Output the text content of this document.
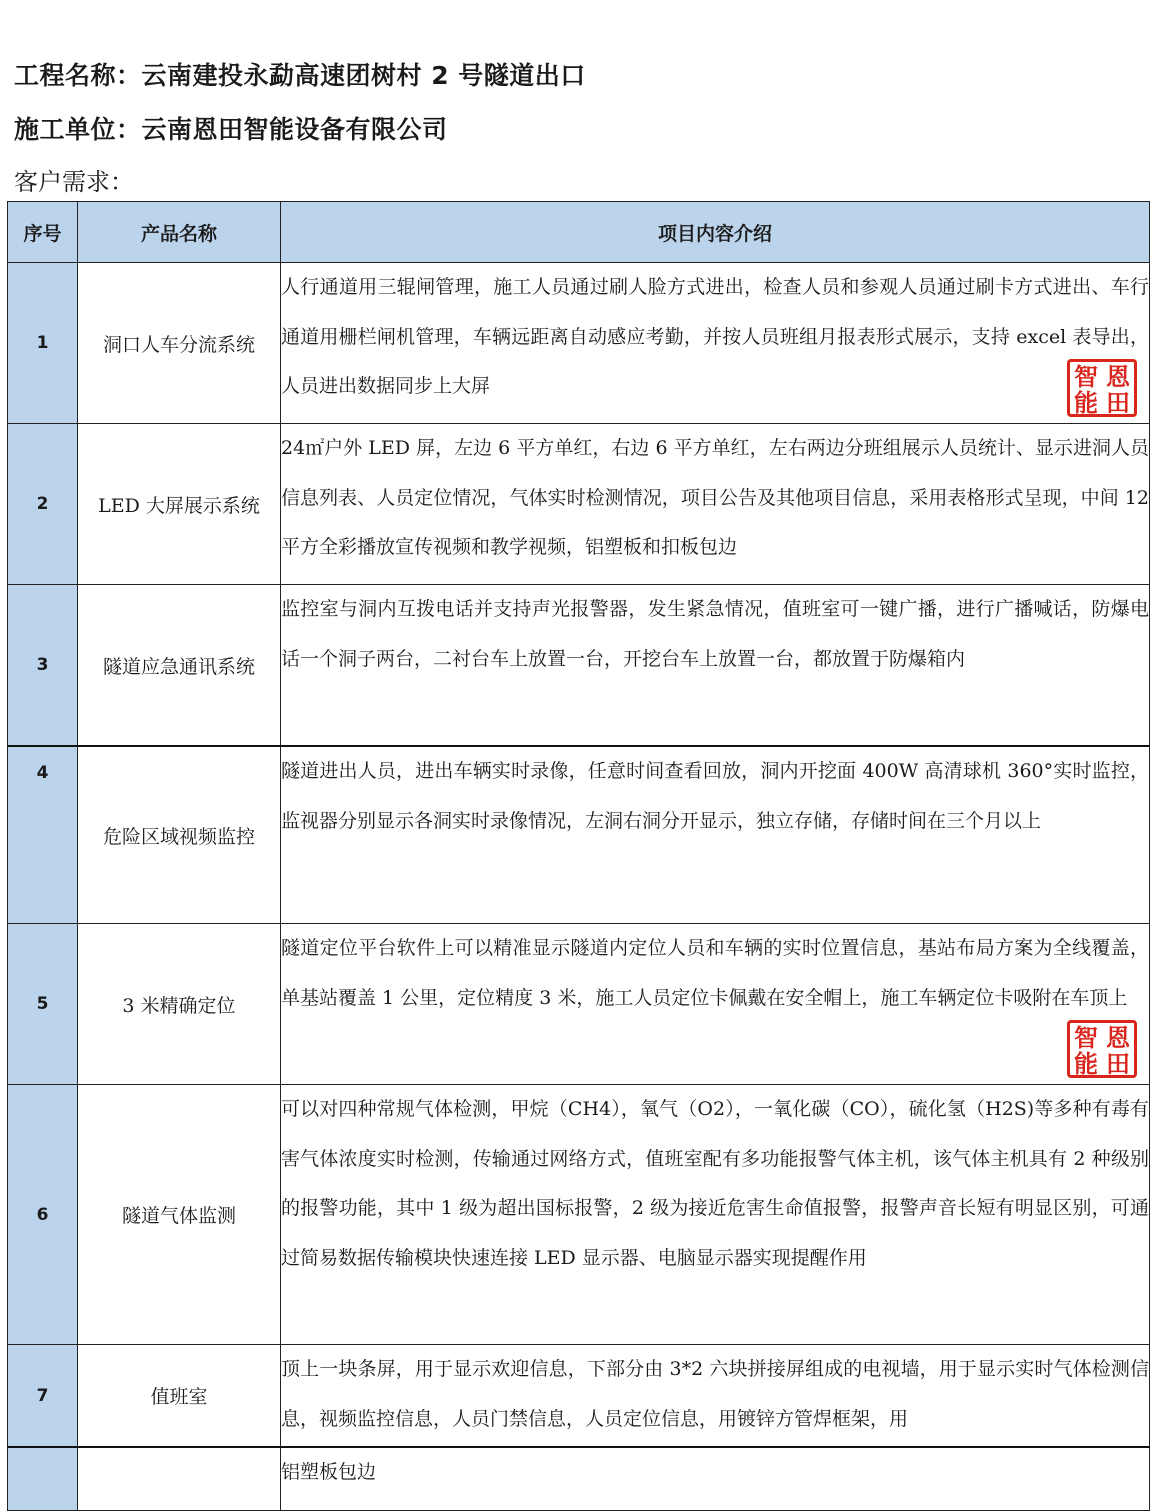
工程名称：云南建投永勐高速团树村 2 号隧道出口
施工单位：云南恩田智能设备有限公司
客户需求：
序号	产品名称	项目内容介绍
1	洞口人车分流系统	人行通道用三辊闸管理，施工人员通过刷人脸方式进出，检查人员和参观人员通过刷卡方式进出、车行通道用栅栏闸机管理，车辆远距离自动感应考勤，并按人员班组月报表形式展示，支持 excel 表导出，人员进出数据同步上大屏 智 恩
能 田

2	LED 大屏展示系统	24㎡户外 LED 屏，左边 6 平方单红，右边 6 平方单红，左右两边分班组展示人员统计、显示进洞人员信息列表、人员定位情况，气体实时检测情况，项目公告及其他项目信息，采用表格形式呈现，中间 12 平方全彩播放宣传视频和教学视频，铝塑板和扣板包边
3	隧道应急通讯系统	监控室与洞内互拨电话并支持声光报警器，发生紧急情况，值班室可一键广播，进行广播喊话，防爆电话一个洞子两台，二衬台车上放置一台，开挖台车上放置一台，都放置于防爆箱内
4	危险区域视频监控	隧道进出人员，进出车辆实时录像，任意时间查看回放，洞内开挖面 400W 高清球机 360°实时监控，监视器分别显示各洞实时录像情况，左洞右洞分开显示，独立存储，存储时间在三个月以上
5	3 米精确定位	隧道定位平台软件上可以精准显示隧道内定位人员和车辆的实时位置信息，基站布局方案为全线覆盖，单基站覆盖 1 公里，定位精度 3 米，施工人员定位卡佩戴在安全帽上，施工车辆定位卡吸附在车顶上
智 恩
能 田

6	隧道气体监测	可以对四种常规气体检测，甲烷（CH4），氧气（O2），一氧化碳（CO），硫化氢（H2S)等多种有毒有害气体浓度实时检测，传输通过网络方式，值班室配有多功能报警气体主机，该气体主机具有 2 种级别的报警功能，其中 1 级为超出国标报警，2 级为接近危害生命值报警，报警声音长短有明显区别，可通过简易数据传输模块快速连接 LED 显示器、电脑显示器实现提醒作用
7	值班室	顶上一块条屏，用于显示欢迎信息，下部分由 3*2 六块拼接屏组成的电视墙，用于显示实时气体检测信息，视频监控信息，人员门禁信息，人员定位信息，用镀锌方管焊框架，用
		铝塑板包边
